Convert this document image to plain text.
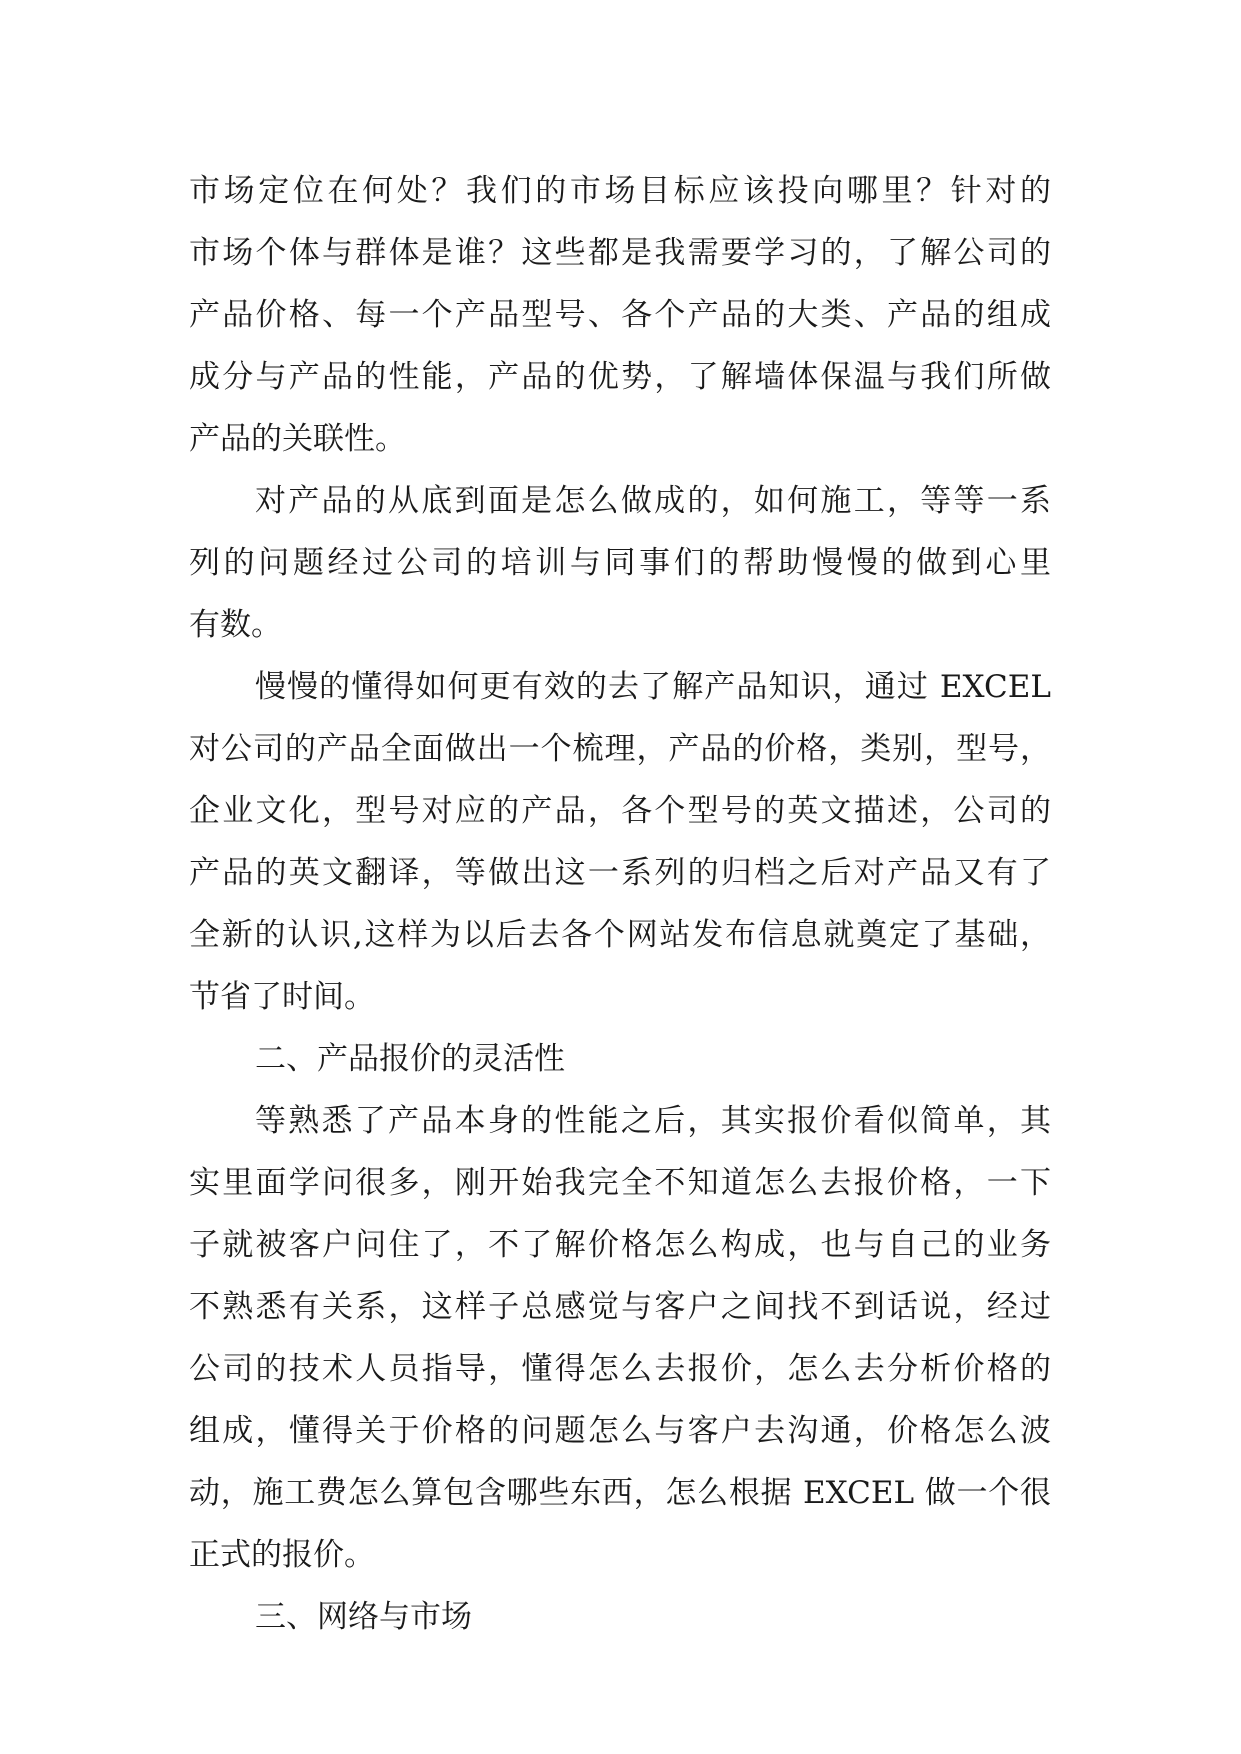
市场定位在何处？我们的市场目标应该投向哪里？针对的
市场个体与群体是谁？这些都是我需要学习的，了解公司的
产品价格、每一个产品型号、各个产品的大类、产品的组成
成分与产品的性能，产品的优势，了解墙体保温与我们所做
产品的关联性。
对产品的从底到面是怎么做成的，如何施工，等等一系
列的问题经过公司的培训与同事们的帮助慢慢的做到心里
有数。
慢慢的懂得如何更有效的去了解产品知识，通过 EXCEL
对公司的产品全面做出一个梳理，产品的价格，类别，型号，
企业文化，型号对应的产品，各个型号的英文描述，公司的
产品的英文翻译，等做出这一系列的归档之后对产品又有了
全新的认识,这样为以后去各个网站发布信息就奠定了基础，
节省了时间。
二、产品报价的灵活性
等熟悉了产品本身的性能之后，其实报价看似简单，其
实里面学问很多，刚开始我完全不知道怎么去报价格，一下
子就被客户问住了，不了解价格怎么构成，也与自己的业务
不熟悉有关系，这样子总感觉与客户之间找不到话说，经过
公司的技术人员指导，懂得怎么去报价，怎么去分析价格的
组成，懂得关于价格的问题怎么与客户去沟通，价格怎么波
动，施工费怎么算包含哪些东西，怎么根据 EXCEL 做一个很
正式的报价。
三、网络与市场
